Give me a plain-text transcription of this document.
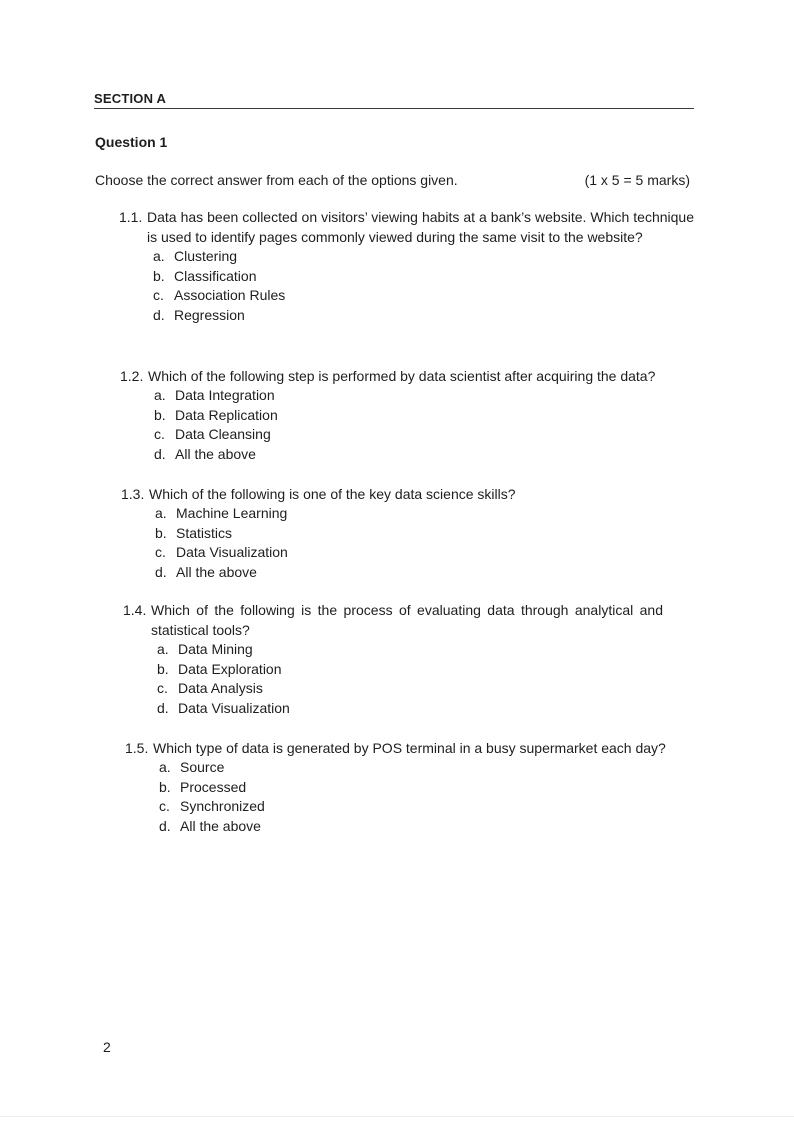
SECTION A
Question 1
Choose the correct answer from each of the options given.	(1 x 5 = 5 marks)
1.1. Data has been collected on visitors’ viewing habits at a bank’s website. Which technique is used to identify pages commonly viewed during the same visit to the website?
a. Clustering
b. Classification
c. Association Rules
d. Regression
1.2. Which of the following step is performed by data scientist after acquiring the data?
a. Data Integration
b. Data Replication
c. Data Cleansing
d. All the above
1.3. Which of the following is one of the key data science skills?
a. Machine Learning
b. Statistics
c. Data Visualization
d. All the above
1.4. Which of the following is the process of evaluating data through analytical and statistical tools?
a. Data Mining
b. Data Exploration
c. Data Analysis
d. Data Visualization
1.5. Which type of data is generated by POS terminal in a busy supermarket each day?
a. Source
b. Processed
c. Synchronized
d. All the above
2
